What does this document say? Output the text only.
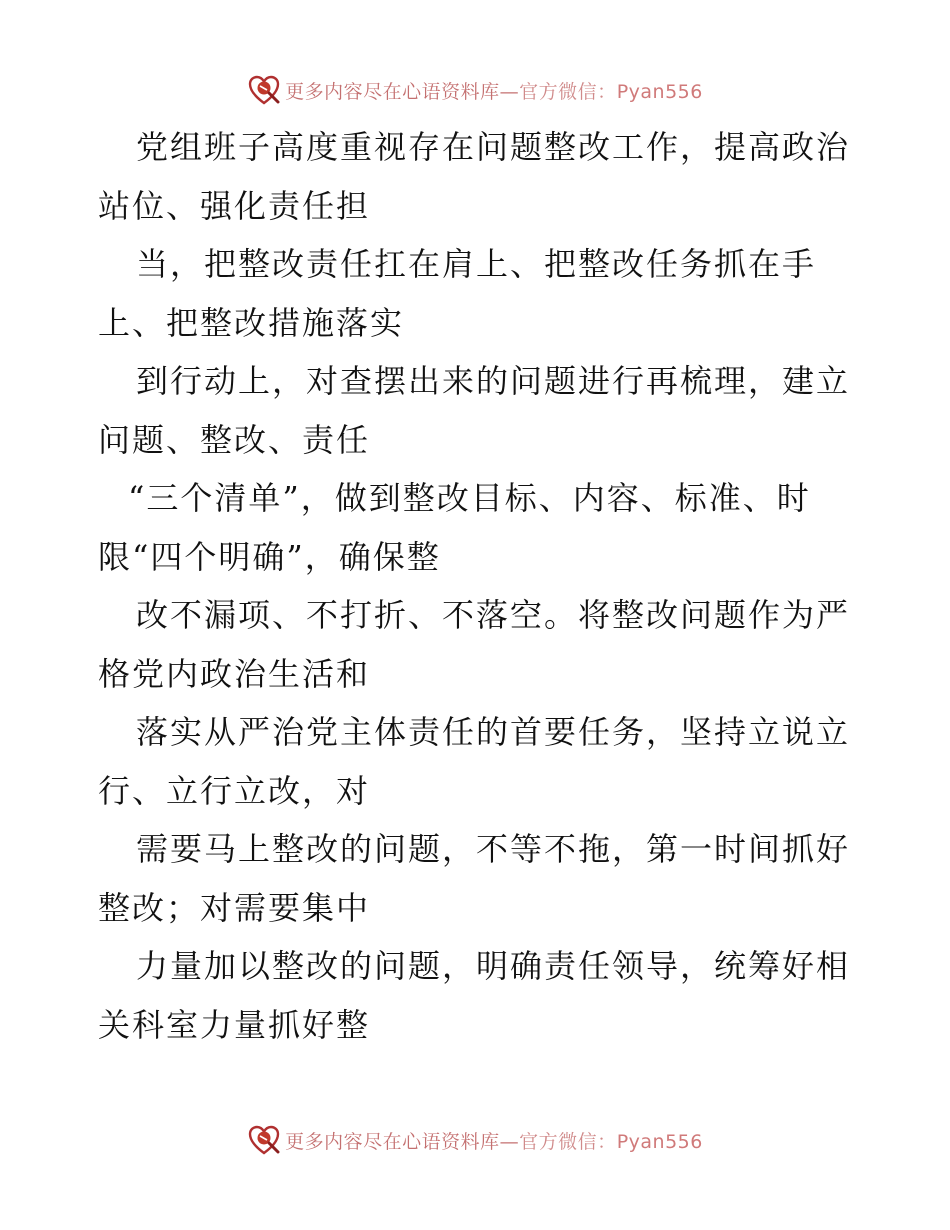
更多内容尽在心语资料库—官方微信：Pyan556
党组班子高度重视存在问题整改工作，提高政治
站位、强化责任担
当，把整改责任扛在肩上、把整改任务抓在手
上、把整改措施落实
到行动上，对查摆出来的问题进行再梳理，建立
问题、整改、责任
“三个清单”，做到整改目标、内容、标准、时
限“四个明确”，确保整
改不漏项、不打折、不落空。将整改问题作为严
格党内政治生活和
落实从严治党主体责任的首要任务，坚持立说立
行、立行立改，对
需要马上整改的问题，不等不拖，第一时间抓好
整改；对需要集中
力量加以整改的问题，明确责任领导，统筹好相
关科室力量抓好整
更多内容尽在心语资料库—官方微信：Pyan556
